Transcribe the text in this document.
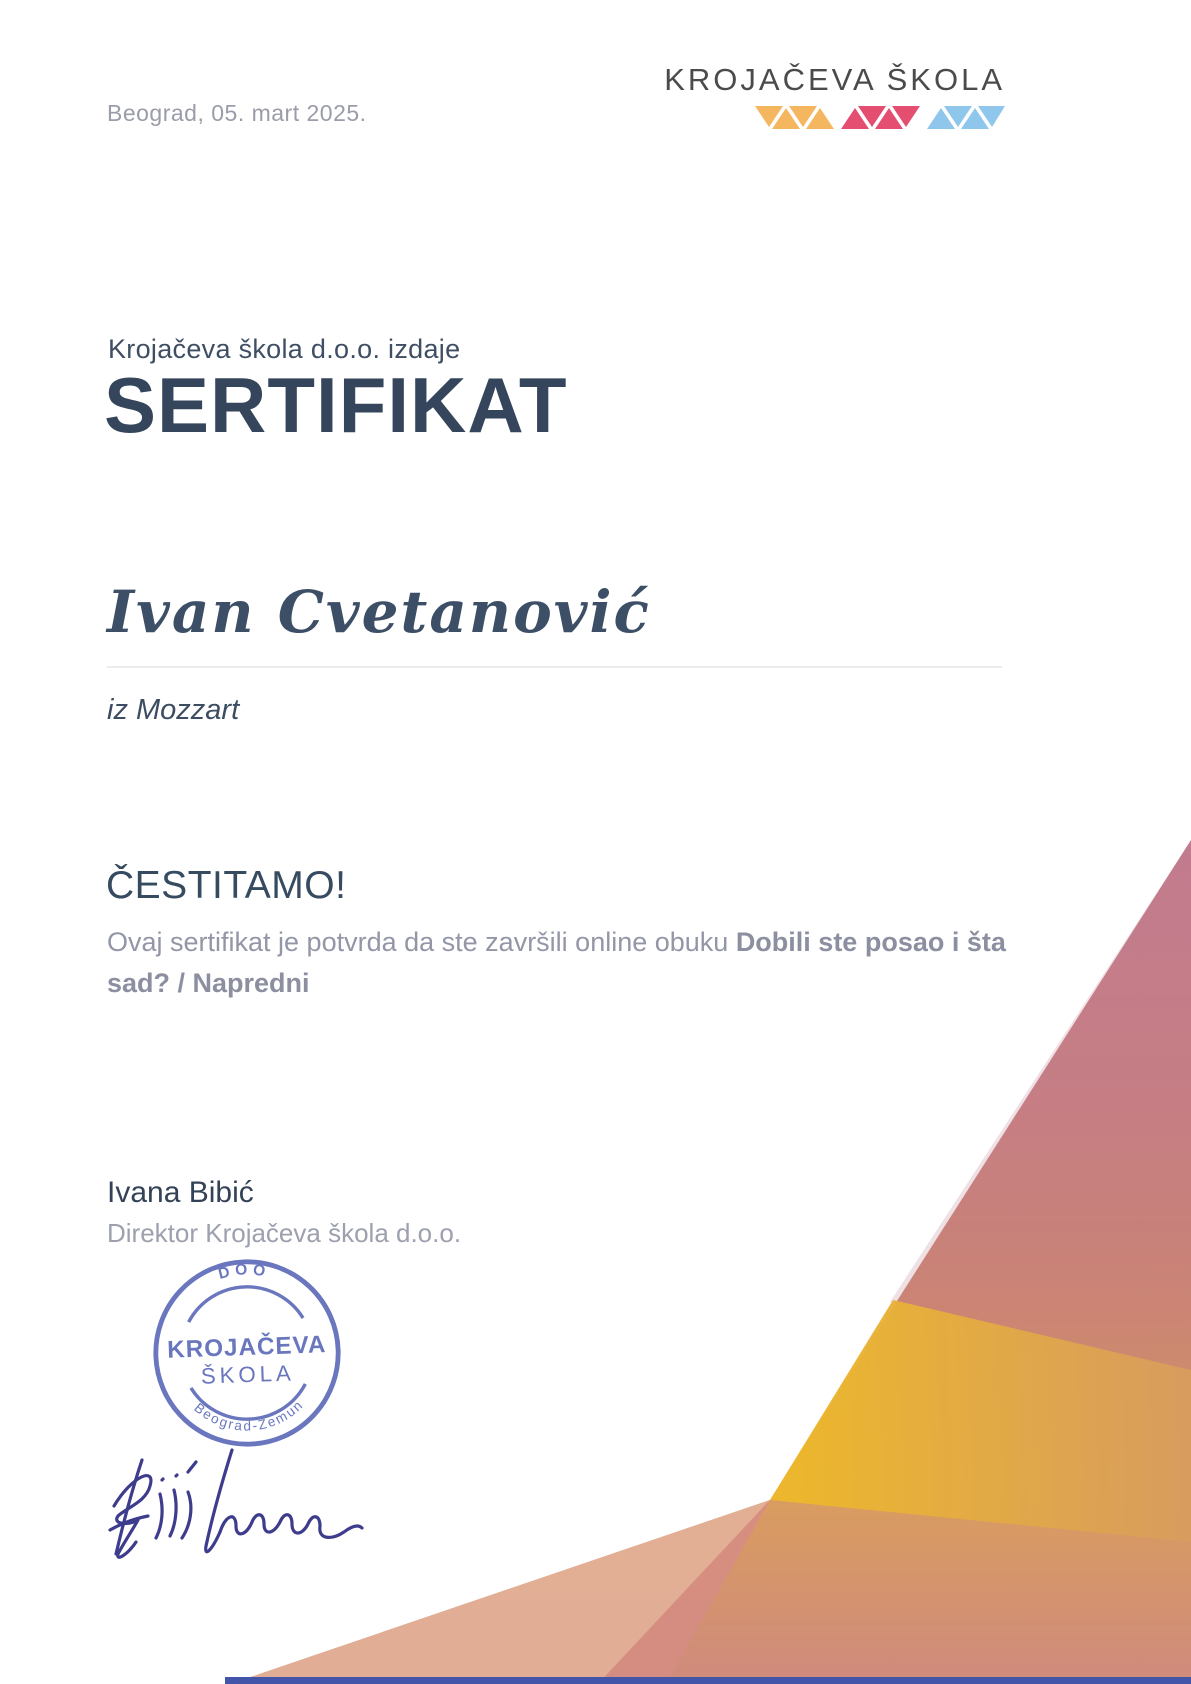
Beograd, 05. mart 2025.
KROJAČEVA ŠKOLA
Krojačeva škola d.o.o. izdaje
SERTIFIKAT
Ivan Cvetanović
iz Mozzart
ČESTITAMO!
Ovaj sertifikat je potvrda da ste završili online obuku Dobili ste posao i šta sad? / Napredni
Ivana Bibić
Direktor Krojačeva škola d.o.o.
DOO
KROJAČEVA
ŠKOLA
Beograd-Zemun
